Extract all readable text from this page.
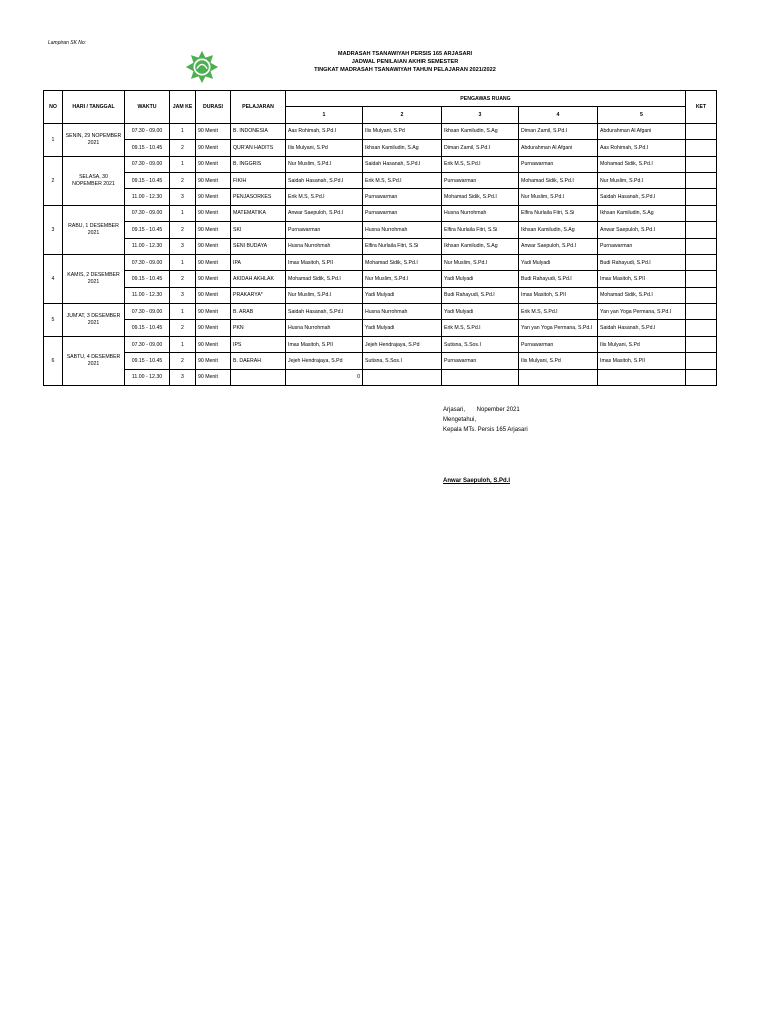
Lampiran SK No:
MADRASAH TSANAWIYAH PERSIS 165 ARJASARI
JADWAL PENILAIAN AKHIR SEMESTER
TINGKAT MADRASAH TSANAWIYAH TAHUN PELAJARAN 2021/2022
NO	HARI / TANGGAL	WAKTU	JAM KE	DURASI	PELAJARAN	PENGAWAS RUANG					KET
						1	2	3	4	5	
1	SENIN, 29 NOPEMBER 2021	07.30 - 09.00	1	90 Menit	B. INDONESIA	Aas Rohimah, S.Pd.I	Ilis Mulyani, S.Pd	Ikhsan Kamiludin, S.Ag	Diman Zamil, S.Pd.I	Abdurahman Al Afgani	
		09.15 - 10.45	2	90 Menit	QUR'AN HADITS	Ilis Mulyani, S.Pd	Ikhsan Kamiludin, S.Ag	Diman Zamil, S.Pd.I	Abdurahman Al Afgani	Aas Rohimah, S.Pd.I	
2	SELASA, 30 NOPEMBER 2021	07.30 - 09.00	1	90 Menit	B. INGGRIS	Nur Muslim, S.Pd.I	Saidah Hasanah, S.Pd.I	Erik M.S, S.Pd.I	Purnawarman	Mohamad Sidik, S.Pd.I	
		09.15 - 10.45	2	90 Menit	FIKIH	Saidah Hasanah, S.Pd.I	Erik M.S, S.Pd.I	Purnawarman	Mohamad Sidik, S.Pd.I	Nur Muslim, S.Pd.I	
		11.00 - 12.30	3	90 Menit	PENJASORKES	Erik M.S, S.Pd.I	Purnawarman	Mohamad Sidik, S.Pd.I	Nur Muslim, S.Pd.I	Saidah Hasanah, S.Pd.I	
3	RABU, 1 DESEMBER 2021	07.30 - 09.00	1	90 Menit	MATEMATIKA	Anwar Saepuloh, S.Pd.I	Purnawarman	Husna Nurrohmah	Elfira Nurlaila Fitri, S.Si	Ikhsan Kamiludin, S.Ag	
		09.15 - 10.45	2	90 Menit	SKI	Purnawarman	Husna Nurrohmah	Elfira Nurlaila Fitri, S.Si	Ikhsan Kamiludin, S.Ag	Anwar Saepuloh, S.Pd.I	
		11.00 - 12.30	3	90 Menit	SENI BUDAYA	Husna Nurrohmah	Elfira Nurlaila Fitri, S.Si	Ikhsan Kamiludin, S.Ag	Anwar Saepuloh, S.Pd.I	Purnawarman	
4	KAMIS, 2 DESEMBER 2021	07.30 - 09.00	1	90 Menit	IPA	Imas Masitoh, S.PII	Mohamad Sidik, S.Pd.I	Nur Muslim, S.Pd.I	Yadi Mulyadi	Budi Rahayudi, S.Pd.I	
		09.15 - 10.45	2	90 Menit	AKIDAH AKHLAK	Mohamad Sidik, S.Pd.I	Nur Muslim, S.Pd.I	Yadi Mulyadi	Budi Rahayudi, S.Pd.I	Imas Masitoh, S.PII	
		11.00 - 12.30	3	90 Menit	PRAKARYA*	Nur Muslim, S.Pd.I	Yadi Mulyadi	Budi Rahayudi, S.Pd.I	Imas Masitoh, S.PII	Mohamad Sidik, S.Pd.I	
5	JUM'AT, 3 DESEMBER 2021	07.30 - 09.00	1	90 Menit	B. ARAB	Saidah Hasanah, S.Pd.I	Husna Nurrohmah	Yadi Mulyadi	Erik M.S, S.Pd.I	Yan yan Yoga Permana, S.Pd.I	
		09.15 - 10.45	2	90 Menit	PKN	Husna Nurrohmah	Yadi Mulyadi	Erik M.S, S.Pd.I	Yan yan Yoga Permana, S.Pd.I	Saidah Hasanah, S.Pd.I	
6	SABTU, 4 DESEMBER 2021	07.30 - 09.00	1	90 Menit	IPS	Imas Masitoh, S.PII	Jejeh Hendrajaya, S.Pd	Sutisna, S.Sos.I	Purnawarman	Ilis Mulyani, S.Pd	
		09.15 - 10.45	2	90 Menit	B. DAERAH	Jejeh Hendrajaya, S.Pd	Sutisna, S.Sos.I	Purnawarman	Ilis Mulyani, S.Pd	Imas Masitoh, S.PII	
		11.00 - 12.30	3	90 Menit		0					
Arjasari,       Nopember 2021
Mengetahui,
Kepala MTs. Persis 165 Arjasari
Anwar Saepuloh, S.Pd.I
